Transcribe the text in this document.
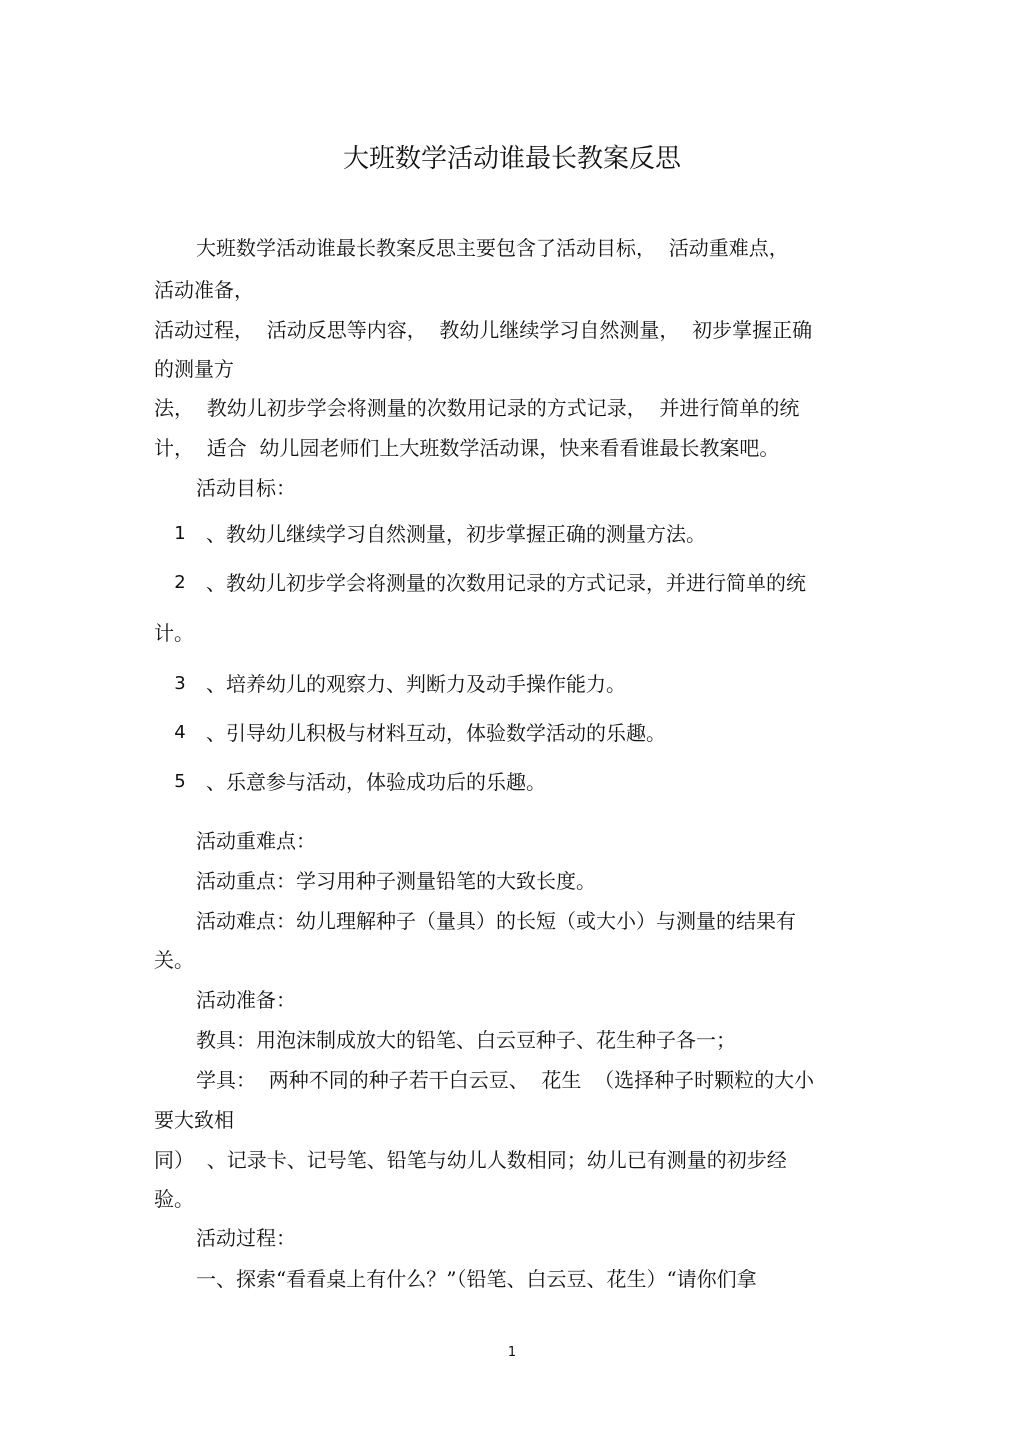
大班数学活动谁最长教案反思
大班数学活动谁最长教案反思主要包含了活动目标，  活动重难点，
活动准备，
活动过程，  活动反思等内容，  教幼儿继续学习自然测量，  初步掌握正确
的测量方
法，  教幼儿初步学会将测量的次数用记录的方式记录，  并进行简单的统
计，  适合  幼儿园老师们上大班数学活动课，快来看看谁最长教案吧。
活动目标：
1 、教幼儿继续学习自然测量，初步掌握正确的测量方法。
2 、教幼儿初步学会将测量的次数用记录的方式记录，并进行简单的统
计。
3 、培养幼儿的观察力、判断力及动手操作能力。
4 、引导幼儿积极与材料互动，体验数学活动的乐趣。
5 、乐意参与活动，体验成功后的乐趣。
活动重难点：
活动重点：学习用种子测量铅笔的大致长度。
活动难点：幼儿理解种子（量具）的长短（或大小）与测量的结果有
关。
活动准备：
教具：用泡沫制成放大的铅笔、白云豆种子、花生种子各一；
学具：  两种不同的种子若干白云豆、  花生  （选择种子时颗粒的大小
要大致相
同）  、记录卡、记号笔、铅笔与幼儿人数相同；幼儿已有测量的初步经
验。
活动过程：
一、探索“看看桌上有什么？”（铅笔、白云豆、花生）“请你们拿
1
